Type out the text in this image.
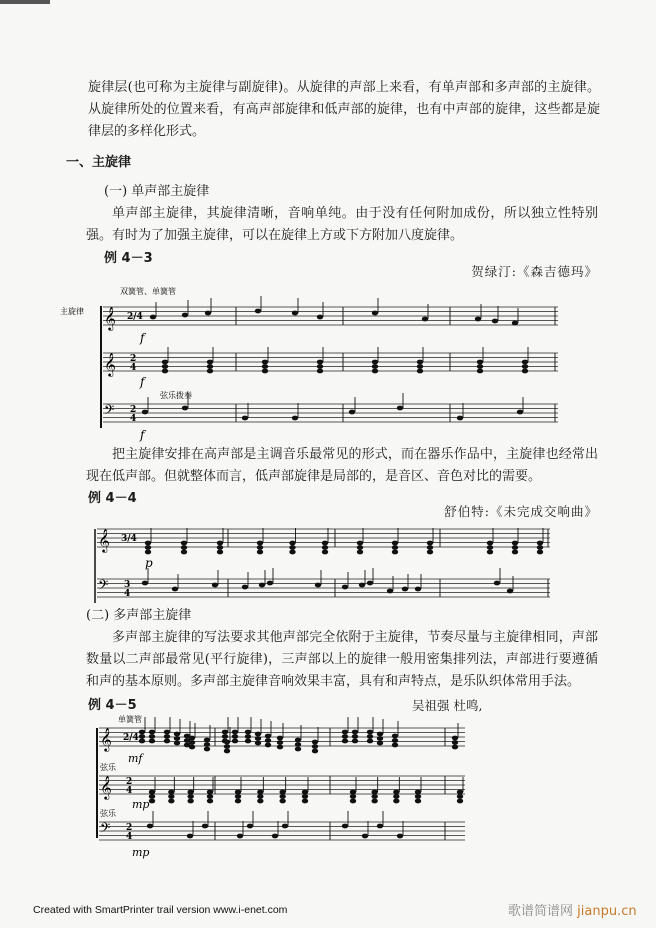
旋律层(也可称为主旋律与副旋律)。从旋律的声部上来看，有单声部和多声部的主旋律。从旋律所处的位置来看，有高声部旋律和低声部的旋律，也有中声部的旋律，这些都是旋律层的多样化形式。
一、主旋律
(一) 单声部主旋律
单声部主旋律，其旋律清晰，音响单纯。由于没有任何附加成份，所以独立性特别强。有时为了加强主旋律，可以在旋律上方或下方附加八度旋律。
例 4－3
贺绿汀:《森吉德玛》
主旋律
双簧管、单簧管
弦乐拨奏
𝄞 2/4
𝄞 2
4
𝄢 2
4
f
f
f
把主旋律安排在高声部是主调音乐最常见的形式，而在器乐作品中，主旋律也经常出现在低声部。但就整体而言，低声部旋律是局部的，是音区、音色对比的需要。
例 4－4
舒伯特:《未完成交响曲》
𝄞 3/4
𝄢 3
4
p
(二) 多声部主旋律
多声部主旋律的写法要求其他声部完全依附于主旋律，节奏尽量与主旋律相同，声部数量以二声部最常见(平行旋律)，三声部以上的旋律一般用密集排列法，声部进行要遵循和声的基本原则。多声部主旋律音响效果丰富，具有和声特点，是乐队织体常用手法。
例 4－5	吴祖强 杜鸣,
单簧管
弦乐
弦乐
𝄞 2/4
𝄞 2
4
𝄢 2
4
mf
mp
mp
Created with SmartPrinter trail version www.i-enet.com	歌谱简谱网 jianpu.cn
